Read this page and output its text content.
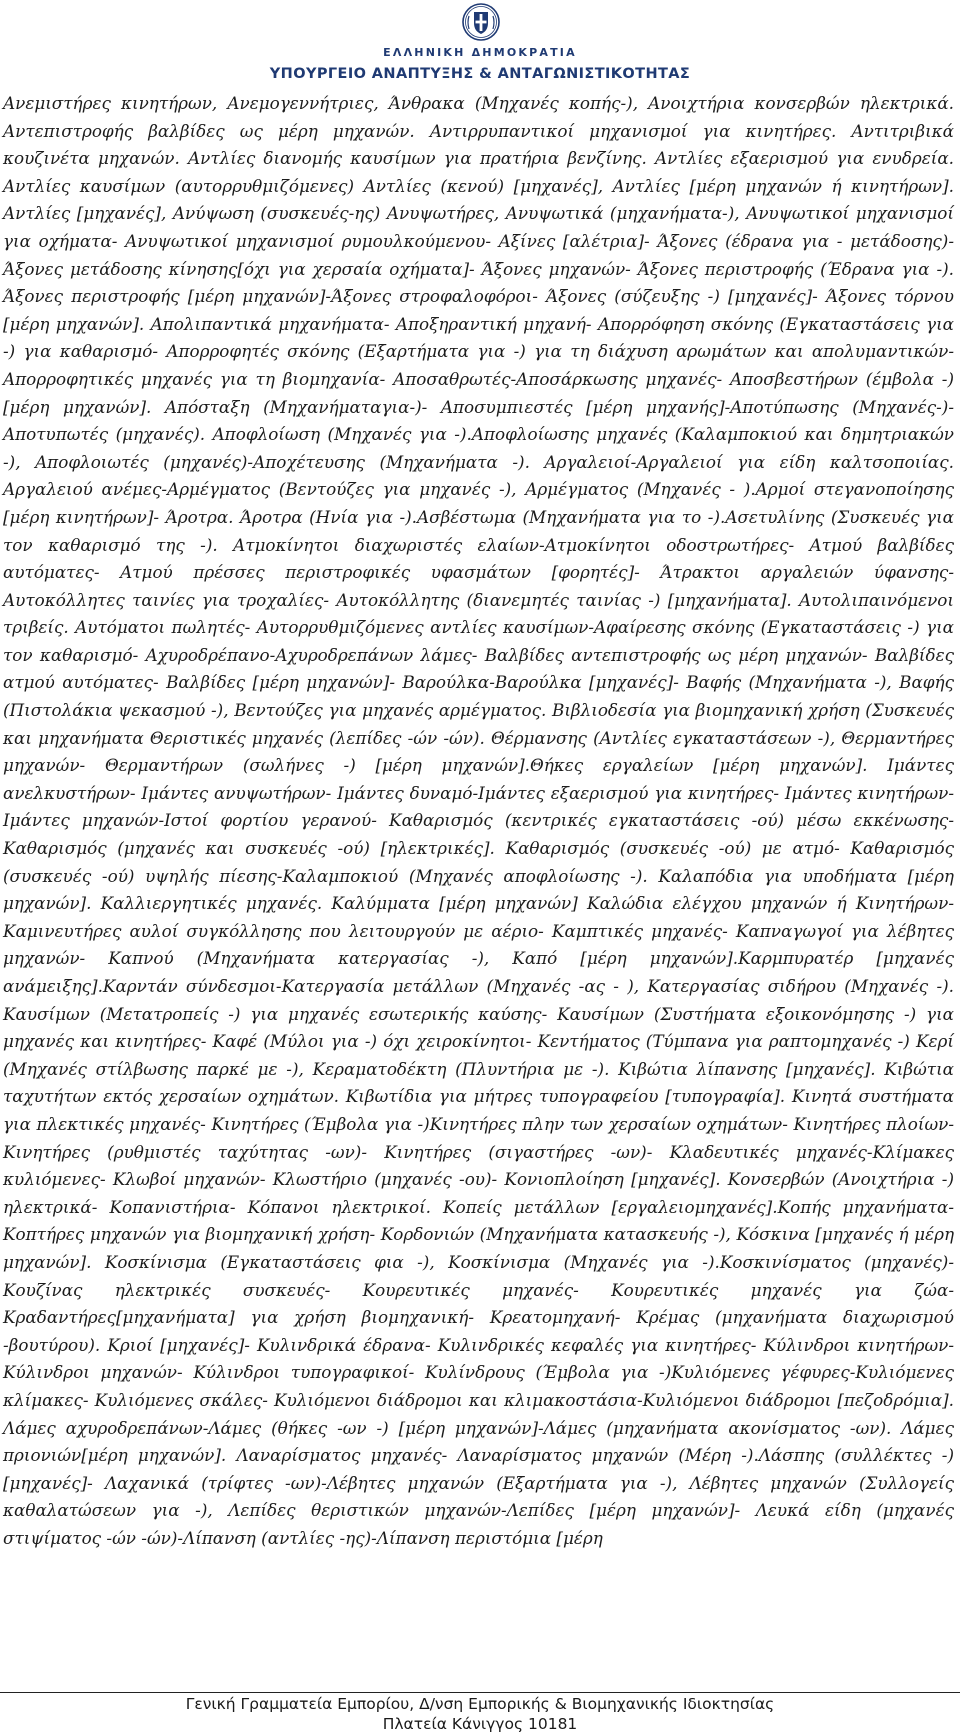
ΕΛΛΗΝΙΚΗ ΔΗΜΟΚΡΑΤΙΑ
ΥΠΟΥΡΓΕΙΟ ΑΝΑΠΤΥΞΗΣ & ΑΝΤΑΓΩΝΙΣΤΙΚΟΤΗΤΑΣ

Ανεμιστήρες κινητήρων, Ανεμογεννήτριες, Άνθρακα (Μηχανές κοπής-), Ανοιχτήρια κονσερβών ηλεκτρικά. Αντεπιστροφής βαλβίδες ως μέρη μηχανών. Αντιρρυπαντικοί μηχανισμοί για κινητήρες. Αντιτριβικά κουζινέτα μηχανών. Αντλίες διανομής καυσίμων για πρατήρια βενζίνης. Αντλίες εξαερισμού για ενυδρεία. Αντλίες καυσίμων (αυτορρυθμιζόμενες) Αντλίες (κενού) [μηχανές], Αντλίες [μέρη μηχανών ή κινητήρων]. Αντλίες [μηχανές], Ανύψωση (συσκευές-ης) Ανυψωτήρες, Ανυψωτικά (μηχανήματα-), Ανυψωτικοί μηχανισμοί για οχήματα- Ανυψωτικοί μηχανισμοί ρυμουλκούμενου- Αξίνες [αλέτρια]- Άξονες (έδρανα για - μετάδοσης)-Άξονες μετάδοσης κίνησης[όχι για χερσαία οχήματα]- Άξονες μηχανών- Άξονες περιστροφής (Έδρανα για -). Άξονες περιστροφής [μέρη μηχανών]-Άξονες στροφαλοφόροι- Άξονες (σύζευξης -) [μηχανές]- Άξονες τόρνου [μέρη μηχανών]. Απολιπαντικά μηχανήματα- Αποξηραντική μηχανή- Απορρόφηση σκόνης (Εγκαταστάσεις για -) για καθαρισμό- Απορροφητές σκόνης (Εξαρτήματα για -) για τη διάχυση αρωμάτων και απολυμαντικών- Απορροφητικές μηχανές για τη βιομηχανία- Αποσαθρωτές-Αποσάρκωσης μηχανές- Αποσβεστήρων (έμβολα -) [μέρη μηχανών]. Απόσταξη (Μηχανήματαγια-)- Αποσυμπιεστές [μέρη μηχανής]-Αποτύπωσης (Μηχανές-)- Αποτυπωτές (μηχανές). Αποφλοίωση (Μηχανές για -).Αποφλοίωσης μηχανές (Καλαμποκιού και δημητριακών -), Αποφλοιωτές (μηχανές)-Αποχέτευσης (Μηχανήματα -). Αργαλειοί-Αργαλειοί για είδη καλτσοποιίας. Αργαλειού ανέμες-Αρμέγματος (Βεντούζες για μηχανές -), Αρμέγματος (Μηχανές - ).Αρμοί στεγανοποίησης [μέρη κινητήρων]- Άροτρα. Άροτρα (Ηνία για -).Ασβέστωμα (Μηχανήματα για το -).Ασετυλίνης (Συσκευές για τον καθαρισμό της -). Ατμοκίνητοι διαχωριστές ελαίων-Ατμοκίνητοι οδοστρωτήρες- Ατμού βαλβίδες αυτόματες- Ατμού πρέσσες περιστροφικές υφασμάτων [φορητές]- Άτρακτοι αργαλειών ύφανσης- Αυτοκόλλητες ταινίες για τροχαλίες- Αυτοκόλλητης (διανεμητές ταινίας -) [μηχανήματα]. Αυτολιπαινόμενοι τριβείς. Αυτόματοι πωλητές- Αυτορρυθμιζόμενες αντλίες καυσίμων-Αφαίρεσης σκόνης (Εγκαταστάσεις -) για τον καθαρισμό- Αχυροδρέπανο-Αχυροδρεπάνων λάμες- Βαλβίδες αντεπιστροφής ως μέρη μηχανών- Βαλβίδες ατμού αυτόματες- Βαλβίδες [μέρη μηχανών]- Βαρούλκα-Βαρούλκα [μηχανές]- Βαφής (Μηχανήματα -), Βαφής (Πιστολάκια ψεκασμού -), Βεντούζες για μηχανές αρμέγματος. Βιβλιοδεσία για βιομηχανική χρήση (Συσκευές και μηχανήματα Θεριστικές μηχανές (λεπίδες -ών -ών). Θέρμανσης (Αντλίες εγκαταστάσεων -), Θερμαντήρες μηχανών- Θερμαντήρων (σωλήνες -) [μέρη μηχανών].Θήκες εργαλείων [μέρη μηχανών]. Ιμάντες ανελκυστήρων- Ιμάντες ανυψωτήρων- Ιμάντες δυναμό-Ιμάντες εξαερισμού για κινητήρες- Ιμάντες κινητήρων- Ιμάντες μηχανών-Ιστοί φορτίου γερανού- Καθαρισμός (κεντρικές εγκαταστάσεις -ού) μέσω εκκένωσης- Καθαρισμός (μηχανές και συσκευές -ού) [ηλεκτρικές]. Καθαρισμός (συσκευές -ού) με ατμό- Καθαρισμός (συσκευές -ού) υψηλής πίεσης-Καλαμποκιού (Μηχανές αποφλοίωσης -). Καλαπόδια για υποδήματα [μέρη μηχανών]. Καλλιεργητικές μηχανές. Καλύμματα [μέρη μηχανών] Καλώδια ελέγχου μηχανών ή Κινητήρων-Καμινευτήρες αυλοί συγκόλλησης που λειτουργούν με αέριο- Καμπτικές μηχανές- Καπναγωγοί για λέβητες μηχανών- Καπνού (Μηχανήματα κατεργασίας -), Καπό [μέρη μηχανών].Καρμπυρατέρ [μηχανές ανάμειξης].Καρντάν σύνδεσμοι-Κατεργασία μετάλλων (Μηχανές -ας - ), Κατεργασίας σιδήρου (Μηχανές -). Καυσίμων (Μετατροπείς -) για μηχανές εσωτερικής καύσης- Καυσίμων (Συστήματα εξοικονόμησης -) για μηχανές και κινητήρες- Καφέ (Μύλοι για -) όχι χειροκίνητοι- Κεντήματος (Τύμπανα για ραπτομηχανές -) Κερί (Μηχανές στίλβωσης παρκέ με -), Κεραματοδέκτη (Πλυντήρια με -). Κιβώτια λίπανσης [μηχανές]. Κιβώτια ταχυτήτων εκτός χερσαίων οχημάτων. Κιβωτίδια για μήτρες τυπογραφείου [τυπογραφία]. Κινητά συστήματα για πλεκτικές μηχανές- Κινητήρες (Έμβολα για -)Κινητήρες πλην των χερσαίων οχημάτων- Κινητήρες πλοίων- Κινητήρες (ρυθμιστές ταχύτητας -ων)- Κινητήρες (σιγαστήρες -ων)- Κλαδευτικές μηχανές-Κλίμακες κυλιόμενες- Κλωβοί μηχανών- Κλωστήριο (μηχανές -ου)- Κονιοπλοίηση [μηχανές]. Κονσερβών (Ανοιχτήρια -) ηλεκτρικά- Κοπανιστήρια- Κόπανοι ηλεκτρικοί. Κοπείς μετάλλων [εργαλειομηχανές].Κοπής μηχανήματα- Κοπτήρες μηχανών για βιομηχανική χρήση- Κορδονιών (Μηχανήματα κατασκευής -), Κόσκινα [μηχανές ή μέρη μηχανών]. Κοσκίνισμα (Εγκαταστάσεις φια -), Κοσκίνισμα (Μηχανές για -).Κοσκινίσματος (μηχανές)- Κουζίνας ηλεκτρικές συσκευές- Κουρευτικές μηχανές- Κουρευτικές μηχανές για ζώα-Κραδαντήρες[μηχανήματα] για χρήση βιομηχανική- Κρεατομηχανή- Κρέμας (μηχανήματα διαχωρισμού -βουτύρου). Κριοί [μηχανές]- Κυλινδρικά έδρανα- Κυλινδρικές κεφαλές για κινητήρες- Κύλινδροι κινητήρων- Κύλινδροι μηχανών- Κύλινδροι τυπογραφικοί- Κυλίνδρους (Έμβολα για -)Κυλιόμενες γέφυρες-Κυλιόμενες κλίμακες- Κυλιόμενες σκάλες- Κυλιόμενοι διάδρομοι και κλιμακοστάσια-Κυλιόμενοι διάδρομοι [πεζοδρόμια]. Λάμες αχυροδρεπάνων-Λάμες (θήκες -ων -) [μέρη μηχανών]-Λάμες (μηχανήματα ακονίσματος -ων). Λάμες πριονιών[μέρη μηχανών]. Λαναρίσματος μηχανές- Λαναρίσματος μηχανών (Μέρη -).Λάσπης (συλλέκτες -) [μηχανές]- Λαχανικά (τρίφτες -ων)-Λέβητες μηχανών (Εξαρτήματα για -), Λέβητες μηχανών (Συλλογείς καθαλατώσεων για -), Λεπίδες θεριστικών μηχανών-Λεπίδες [μέρη μηχανών]- Λευκά είδη (μηχανές στιψίματος -ών -ών)-Λίπανση (αντλίες -ης)-Λίπανση περιστόμια [μέρη

Γενική Γραμματεία Εμπορίου, Δ/νση Εμπορικής & Βιομηχανικής Ιδιοκτησίας
Πλατεία Κάνιγγος 10181
